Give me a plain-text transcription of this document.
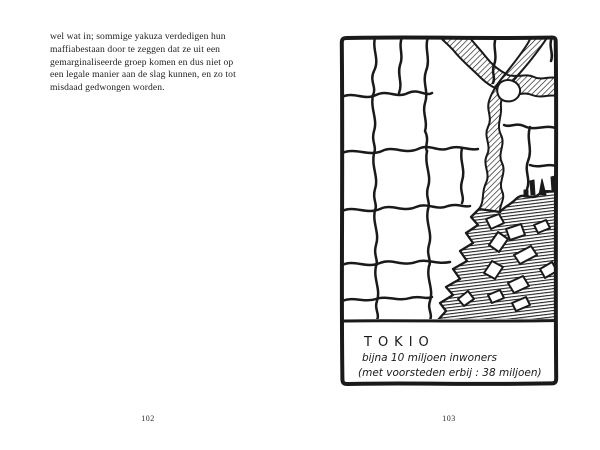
wel wat in; sommige yakuza verdedigen hun
maffiabestaan door te zeggen dat ze uit een
gemarginaliseerde groep komen en dus niet op
een legale manier aan de slag kunnen, en zo tot
misdaad gedwongen worden.
102	103
TOKIO
bijna 10 miljoen inwoners
(met voorsteden erbij : 38 miljoen)
